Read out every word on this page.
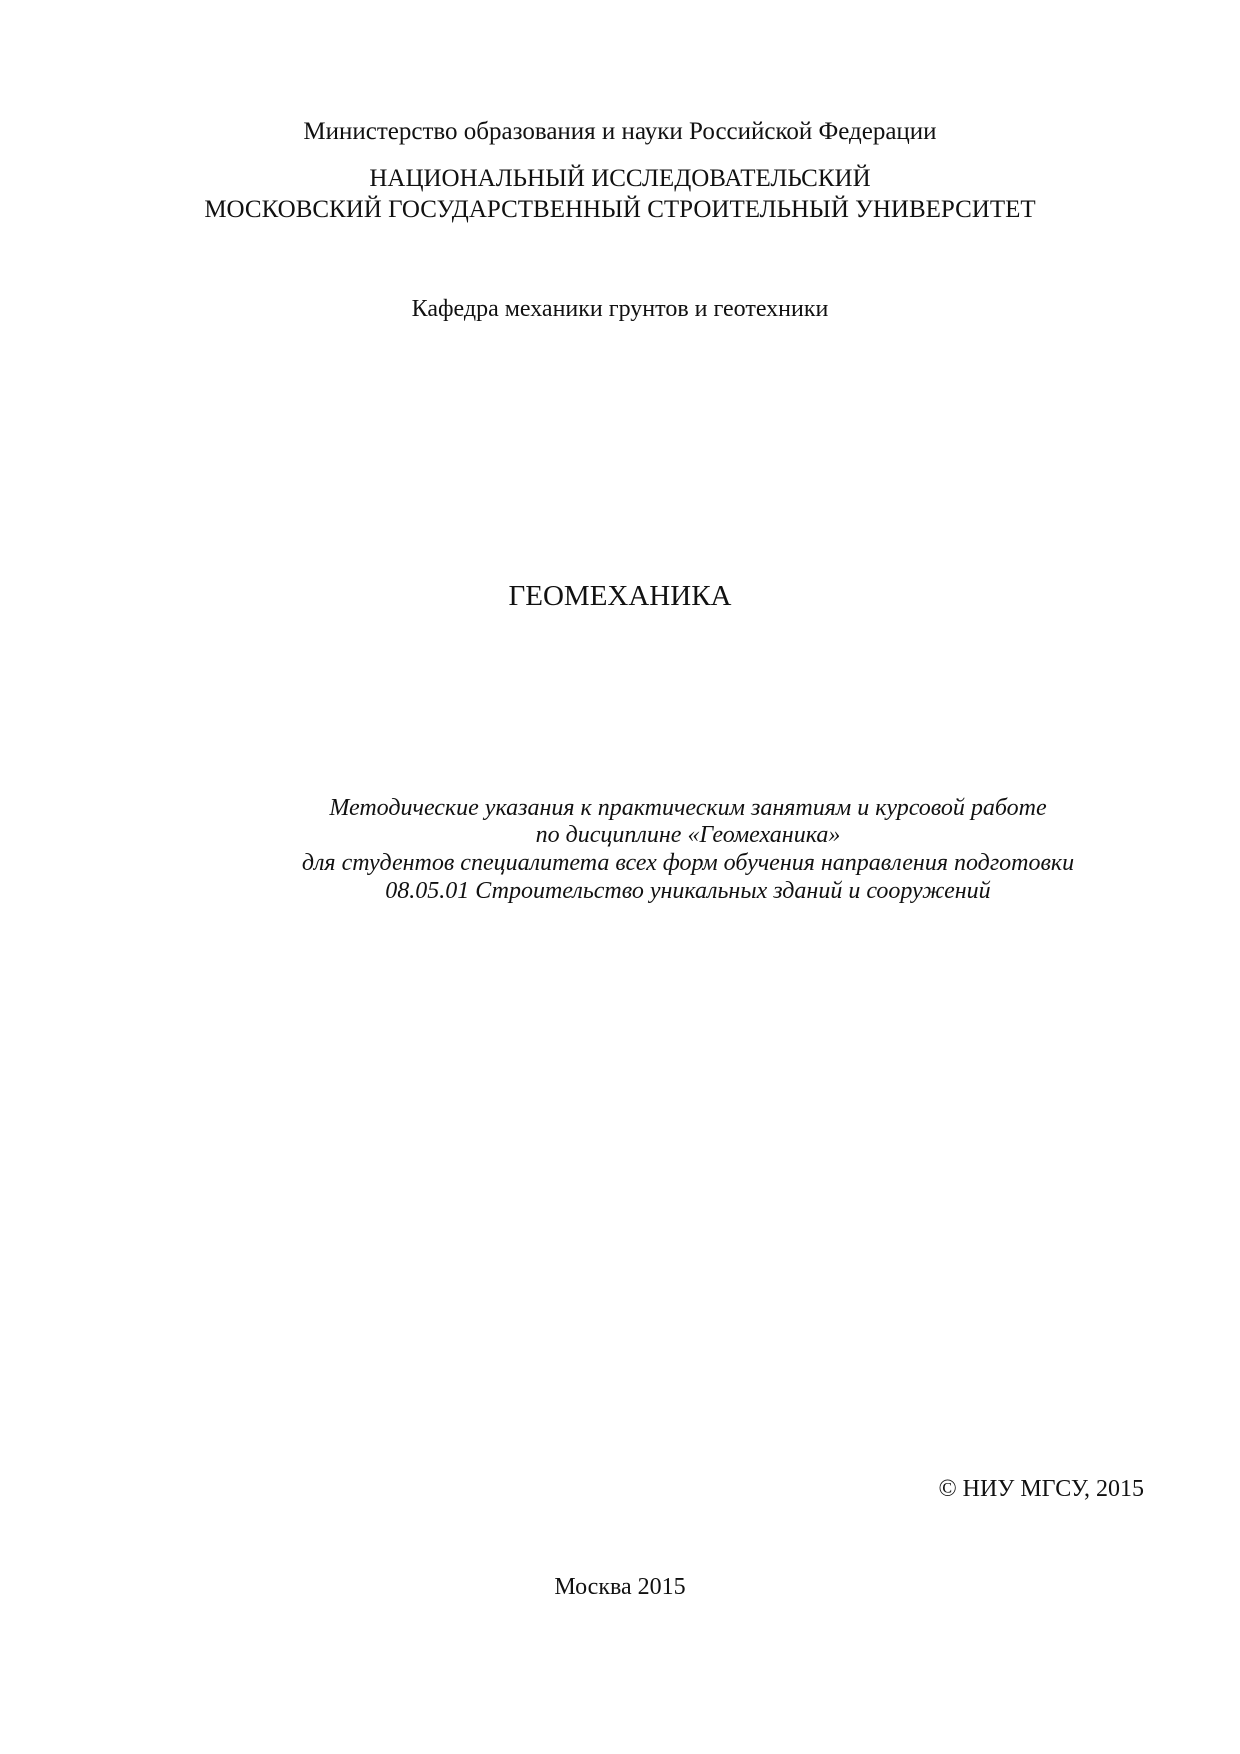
Министерство образования и науки Российской Федерации
НАЦИОНАЛЬНЫЙ ИССЛЕДОВАТЕЛЬСКИЙ
МОСКОВСКИЙ ГОСУДАРСТВЕННЫЙ СТРОИТЕЛЬНЫЙ УНИВЕРСИТЕТ
Кафедра механики грунтов и геотехники
ГЕОМЕХАНИКА
Методические указания к практическим занятиям и курсовой работе
по дисциплине «Геомеханика»
для студентов специалитета всех форм обучения направления подготовки
08.05.01 Строительство уникальных зданий и сооружений
© НИУ МГСУ, 2015
Москва 2015
